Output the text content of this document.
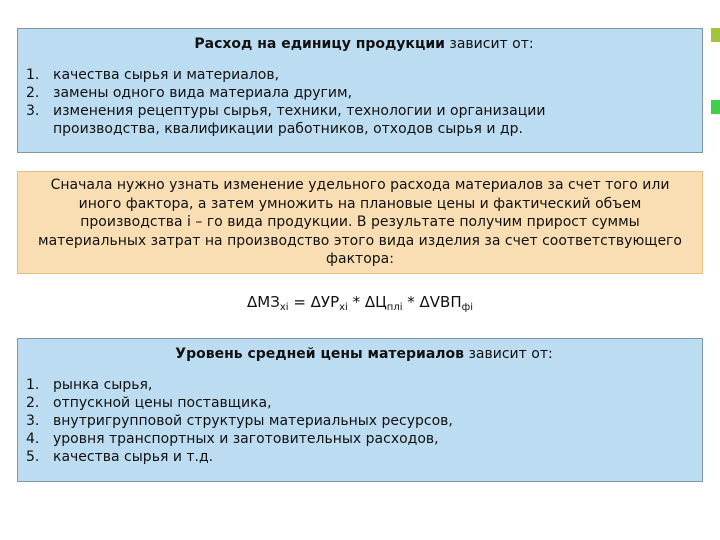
Расход на единицу продукции зависит от:
1. качества сырья и материалов,
2. замены одного вида материала другим,
3. изменения рецептуры сырья, техники, технологии и организации производства, квалификации работников, отходов сырья и др.
Сначала нужно узнать изменение удельного расхода материалов за счет того или иного фактора, а затем умножить на плановые цены и фактический объем производства i – го вида продукции. В результате получим прирост суммы материальных затрат на производство этого вида изделия за счет соответствующего фактора:
$\Delta МЗ_{xi} = \Delta УР_{xi} * \Delta Ц_{плi} * \Delta VВП_{фi}$
Уровень средней цены материалов зависит от:
1. рынка сырья,
2. отпускной цены поставщика,
3. внутригрупповой структуры материальных ресурсов,
4. уровня транспортных и заготовительных расходов,
5. качества сырья и т.д.
